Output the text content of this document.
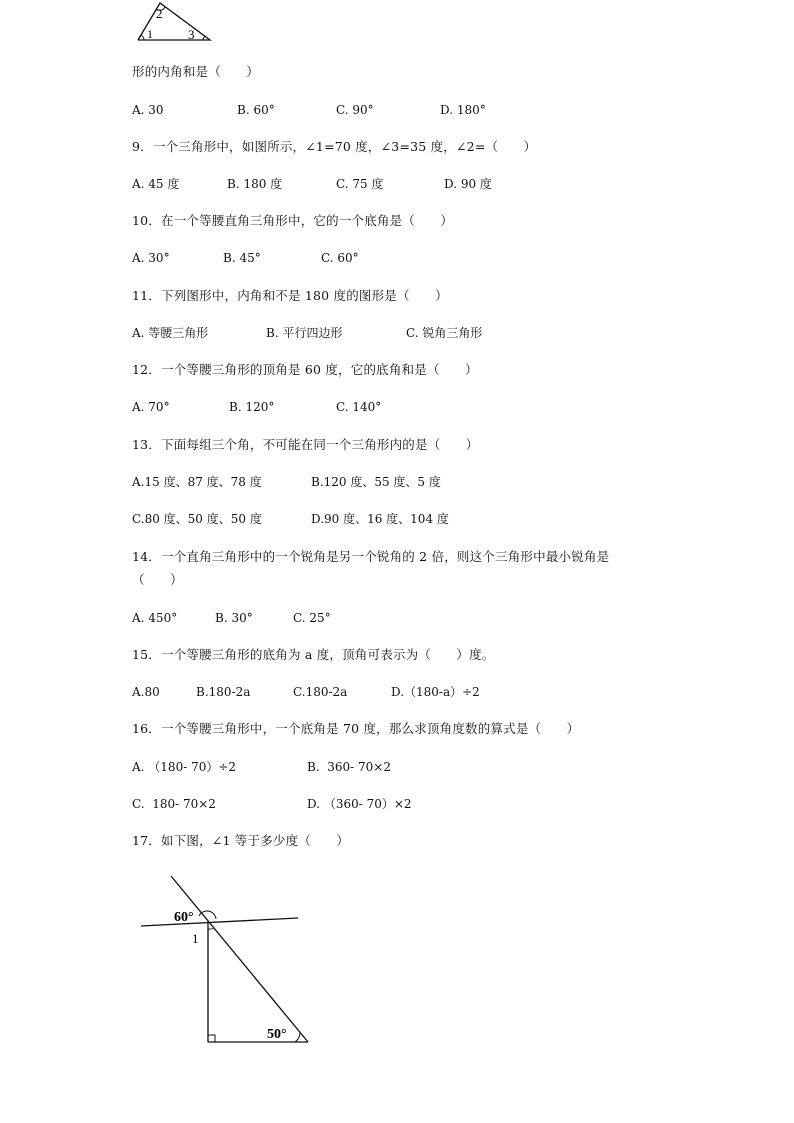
2
1	3
形的内角和是（　　）
A. 30	B. 60°	C. 90°	D. 180°
9．一个三角形中，如图所示，∠1=70 度，∠3=35 度，∠2=（　　）
A. 45 度	B. 180 度	C. 75 度	D. 90 度
10．在一个等腰直角三角形中，它的一个底角是（　　）
A. 30°	B. 45°	C. 60°
11．下列图形中，内角和不是 180 度的图形是（　　）
A. 等腰三角形	B. 平行四边形	C. 锐角三角形
12．一个等腰三角形的顶角是 60 度，它的底角和是（　　）
A. 70°	B. 120°	C. 140°
13．下面每组三个角，不可能在同一个三角形内的是（　　）
A.15 度、87 度、78 度	B.120 度、55 度、5 度
C.80 度、50 度、50 度	D.90 度、16 度、104 度
14．一个直角三角形中的一个锐角是另一个锐角的 2 倍，则这个三角形中最小锐角是
（　　）
A. 450°	B. 30°	C. 25°
15．一个等腰三角形的底角为 a 度，顶角可表示为（　　）度。
A.80	B.180-2a	C.180-2a	D.（180-a）÷2
16．一个等腰三角形中，一个底角是 70 度，那么求顶角度数的算式是（　　）
A. （180- 70）÷2	B.  360- 70×2
C.  180- 70×2	D. （360- 70）×2
17．如下图，∠1 等于多少度（　　）
60°
1
50°
